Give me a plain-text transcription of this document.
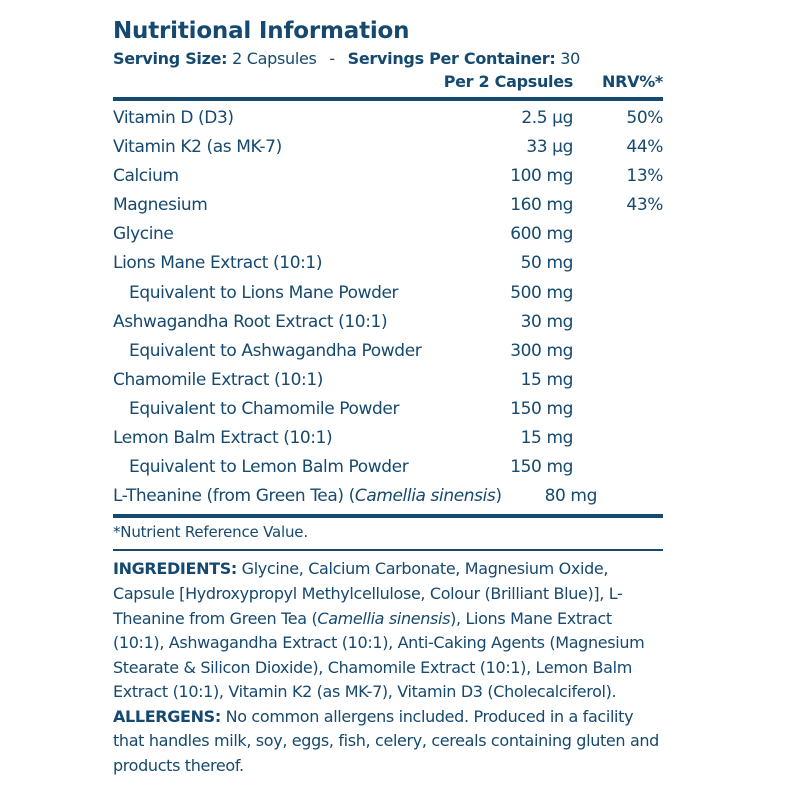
Nutritional Information
Serving Size: 2 Capsules - Servings Per Container: 30
Per 2 Capsules	NRV%*
Vitamin D (D3)	2.5 µg	50%
Vitamin K2 (as MK-7)	33 µg	44%
Calcium	100 mg	13%
Magnesium	160 mg	43%
Glycine	600 mg
Lions Mane Extract (10:1)	50 mg
Equivalent to Lions Mane Powder	500 mg
Ashwagandha Root Extract (10:1)	30 mg
Equivalent to Ashwagandha Powder	300 mg
Chamomile Extract (10:1)	15 mg
Equivalent to Chamomile Powder	150 mg
Lemon Balm Extract (10:1)	15 mg
Equivalent to Lemon Balm Powder	150 mg
L-Theanine (from Green Tea) (Camellia sinensis)	80 mg
*Nutrient Reference Value.
INGREDIENTS: Glycine, Calcium Carbonate, Magnesium Oxide, Capsule [Hydroxypropyl Methylcellulose, Colour (Brilliant Blue)], L-Theanine from Green Tea (Camellia sinensis), Lions Mane Extract (10:1), Ashwagandha Extract (10:1), Anti-Caking Agents (Magnesium Stearate & Silicon Dioxide), Chamomile Extract (10:1), Lemon Balm Extract (10:1), Vitamin K2 (as MK-7), Vitamin D3 (Cholecalciferol).
ALLERGENS: No common allergens included. Produced in a facility that handles milk, soy, eggs, fish, celery, cereals containing gluten and products thereof.
